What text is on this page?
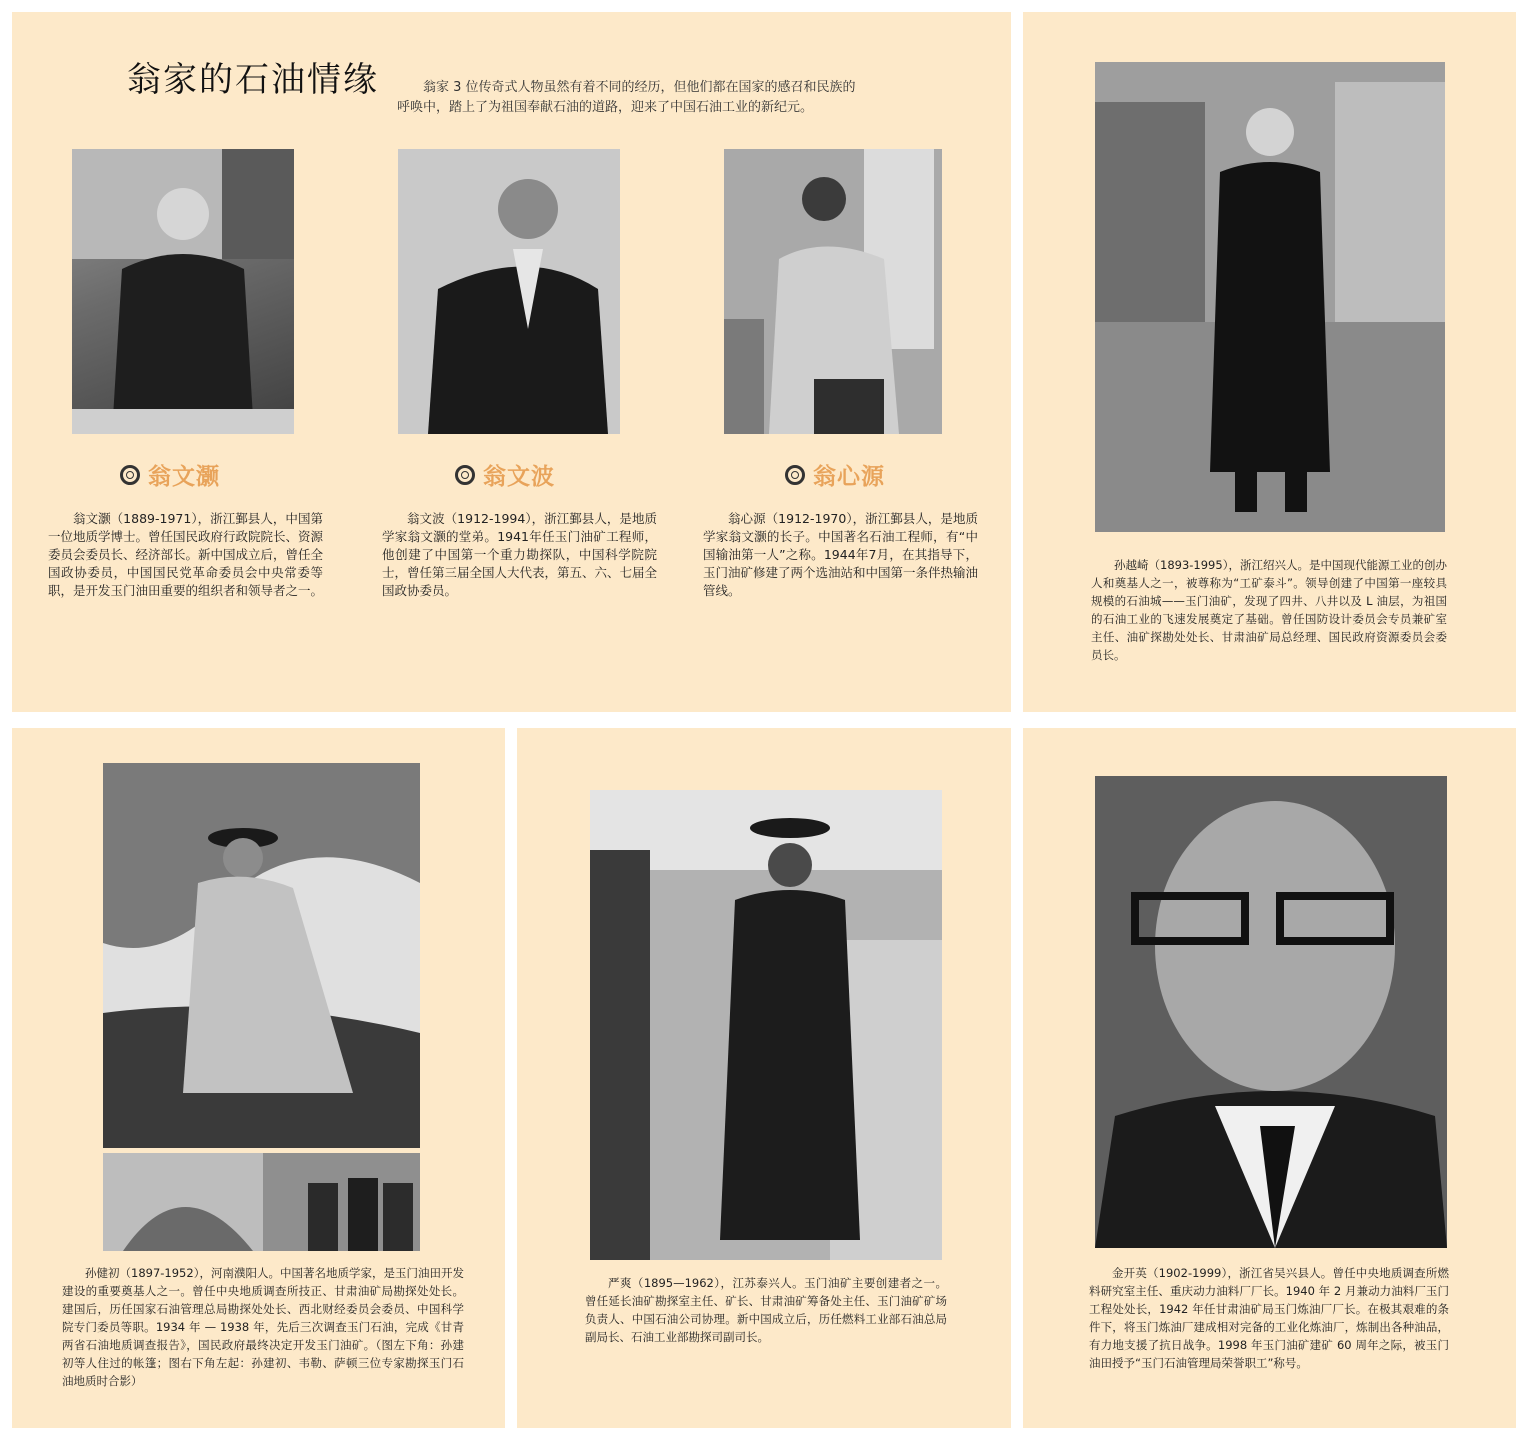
翁家的石油情缘	翁家 3 位传奇式人物虽然有着不同的经历，但他们都在国家的感召和民族的呼唤中，踏上了为祖国奉献石油的道路，迎来了中国石油工业的新纪元。
翁文灏	翁文波	翁心源
翁文灏（1889-1971），浙江鄞县人，中国第一位地质学博士。曾任国民政府行政院院长、资源委员会委员长、经济部长。新中国成立后，曾任全国政协委员，中国国民党革命委员会中央常委等职，是开发玉门油田重要的组织者和领导者之一。
翁文波（1912-1994），浙江鄞县人，是地质学家翁文灏的堂弟。1941年任玉门油矿工程师，他创建了中国第一个重力勘探队，中国科学院院士，曾任第三届全国人大代表，第五、六、七届全国政协委员。
翁心源（1912-1970），浙江鄞县人，是地质学家翁文灏的长子。中国著名石油工程师，有“中国输油第一人”之称。1944年7月，在其指导下，玉门油矿修建了两个选油站和中国第一条伴热输油管线。
孙越崎（1893-1995），浙江绍兴人。是中国现代能源工业的创办人和奠基人之一，被尊称为“工矿泰斗”。领导创建了中国第一座较具规模的石油城——玉门油矿，发现了四井、八井以及 L 油层，为祖国的石油工业的飞速发展奠定了基础。曾任国防设计委员会专员兼矿室主任、油矿探勘处处长、甘肃油矿局总经理、国民政府资源委员会委员长。
孙健初（1897-1952），河南濮阳人。中国著名地质学家，是玉门油田开发建设的重要奠基人之一。曾任中央地质调查所技正、甘肃油矿局勘探处处长。建国后，历任国家石油管理总局勘探处处长、西北财经委员会委员、中国科学院专门委员等职。1934 年 — 1938 年，先后三次调查玉门石油，完成《甘青两省石油地质调查报告》，国民政府最终决定开发玉门油矿。（图左下角：孙建初等人住过的帐篷；图右下角左起：孙建初、韦勒、萨顿三位专家勘探玉门石油地质时合影）
严爽（1895—1962），江苏泰兴人。玉门油矿主要创建者之一。曾任延长油矿勘探室主任、矿长、甘肃油矿筹备处主任、玉门油矿矿场负责人、中国石油公司协理。新中国成立后，历任燃料工业部石油总局副局长、石油工业部勘探司副司长。
金开英（1902-1999），浙江省吴兴县人。曾任中央地质调查所燃料研究室主任、重庆动力油料厂厂长。1940 年 2 月兼动力油料厂玉门工程处处长，1942 年任甘肃油矿局玉门炼油厂厂长。在极其艰难的条件下，将玉门炼油厂建成相对完备的工业化炼油厂，炼制出各种油品，有力地支援了抗日战争。1998 年玉门油矿建矿 60 周年之际，被玉门油田授予“玉门石油管理局荣誉职工”称号。
